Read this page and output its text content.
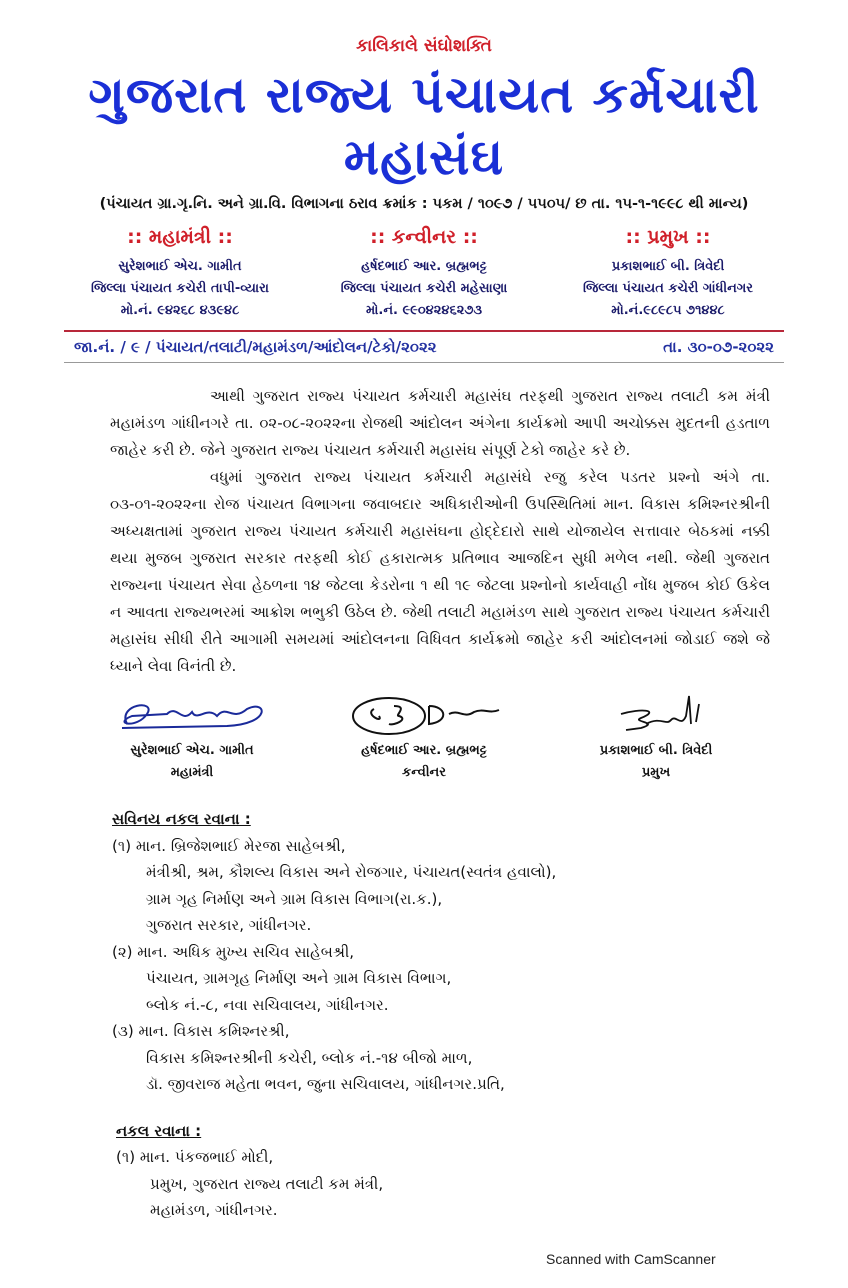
કાલિકાલે સંઘોશક્તિ
ગુજરાત રાજ્ય પંચાયત કર્મચારી મહાસંઘ
(પંચાયત ગ્રા.ગૃ.નિ. અને ગ્રા.વિ. વિભાગના ઠરાવ ક્રમાંક : પકમ / ૧૦૯૭ / ૫૫૦૫/ છ તા. ૧૫-૧-૧૯૯૮ થી માન્ય)
:: મહામંત્રી ::
સુરેશભાઈ એચ. ગામીત
જિલ્લા પંચાયત કચેરી તાપી-વ્યારા
મો.નં. ૯૪૨૬૮ ૪૩૯૪૮
:: કન્વીનર ::
હર્ષદભાઈ આર. બ્રહ્મભટ્ટ
જિલ્લા પંચાયત કચેરી મહેસાણા
મો.નં. ૯૯૦૪૨૪૬૨૭૩
:: પ્રમુખ ::
પ્રકાશભાઈ બી. ત્રિવેદી
જિલ્લા પંચાયત કચેરી ગાંધીનગર
મો.નં.૯૮૯૮૫ ૭૧૪૪૮
જા.નં. / ૯ / પંચાયત/તલાટી/મહામંડળ/આંદોલન/ટેકો/૨૦૨૨	તા. ૩૦-૦૭-૨૦૨૨

આથી ગુજરાત રાજ્ય પંચાયત કર્મચારી મહાસંઘ તરફથી ગુજરાત રાજ્ય તલાટી કમ મંત્રી મહામંડળ ગાંધીનગરે તા. ૦૨-૦૮-૨૦૨૨ના રોજથી આંદોલન અંગેના કાર્યક્રમો આપી અચોક્કસ મુદતની હડતાળ જાહેર કરી છે. જેને ગુજરાત રાજ્ય પંચાયત કર્મચારી મહાસંઘ સંપૂર્ણ ટેકો જાહેર કરે છે.

વધુમાં ગુજરાત રાજ્ય પંચાયત કર્મચારી મહાસંઘે રજુ કરેલ પડતર પ્રશ્નો અંગે તા. ૦૩-૦૧-૨૦૨૨ના રોજ પંચાયત વિભાગના જવાબદાર અધિકારીઓની ઉપસ્થિતિમાં માન. વિકાસ કમિશ્નરશ્રીની અધ્યક્ષતામાં ગુજરાત રાજ્ય પંચાયત કર્મચારી મહાસંઘના હોદ્દેદારો સાથે યોજાયેલ સત્તાવાર બેઠકમાં નક્કી થયા મુજબ ગુજરાત સરકાર તરફથી કોઈ હકારાત્મક પ્રતિભાવ આજદિન સુધી મળેલ નથી. જેથી ગુજરાત રાજ્યના પંચાયત સેવા હેઠળના ૧૪ જેટલા કેડરોના ૧ થી ૧૯ જેટલા પ્રશ્નોનો કાર્યવાહી નોંધ મુજબ કોઈ ઉકેલ ન આવતા રાજ્યભરમાં આક્રોશ ભભુકી ઉઠેલ છે. જેથી તલાટી મહામંડળ સાથે ગુજરાત રાજ્ય પંચાયત કર્મચારી મહાસંઘ સીધી રીતે આગામી સમયમાં આંદોલનના વિધિવત કાર્યક્રમો જાહેર કરી આંદોલનમાં જોડાઈ જશે જે ધ્યાને લેવા વિનંતી છે.

સુરેશભાઈ એચ. ગામીત
મહામંત્રી
હર્ષદભાઈ આર. બ્રહ્મભટ્ટ
કન્વીનર
પ્રકાશભાઈ બી. ત્રિવેદી
પ્રમુખ
સવિનય નકલ રવાના :
(૧) માન. બ્રિજેશભાઈ મેરજા સાહેબશ્રી,
મંત્રીશ્રી, શ્રમ, કૌશલ્ય વિકાસ અને રોજગાર, પંચાયત(સ્વતંત્ર હવાલો),
ગ્રામ ગૃહ નિર્માણ અને ગ્રામ વિકાસ વિભાગ(રા.ક.),
ગુજરાત સરકાર, ગાંધીનગર.
(૨) માન. અધિક મુખ્ય સચિવ સાહેબશ્રી,
પંચાયત, ગ્રામગૃહ નિર્માણ અને ગ્રામ વિકાસ વિભાગ,
બ્લોક નં.-૮, નવા સચિવાલય, ગાંધીનગર.
(૩) માન. વિકાસ કમિશ્નરશ્રી,
વિકાસ કમિશ્નરશ્રીની કચેરી, બ્લોક નં.-૧૪ બીજો માળ,
ડૉ. જીવરાજ મહેતા ભવન, જુના સચિવાલય, ગાંધીનગર.પ્રતિ,
નકલ રવાના :
(૧) માન. પંકજભાઈ મોદી,
પ્રમુખ, ગુજરાત રાજ્ય તલાટી કમ મંત્રી,
મહામંડળ, ગાંધીનગર.
Scanned with CamScanner
